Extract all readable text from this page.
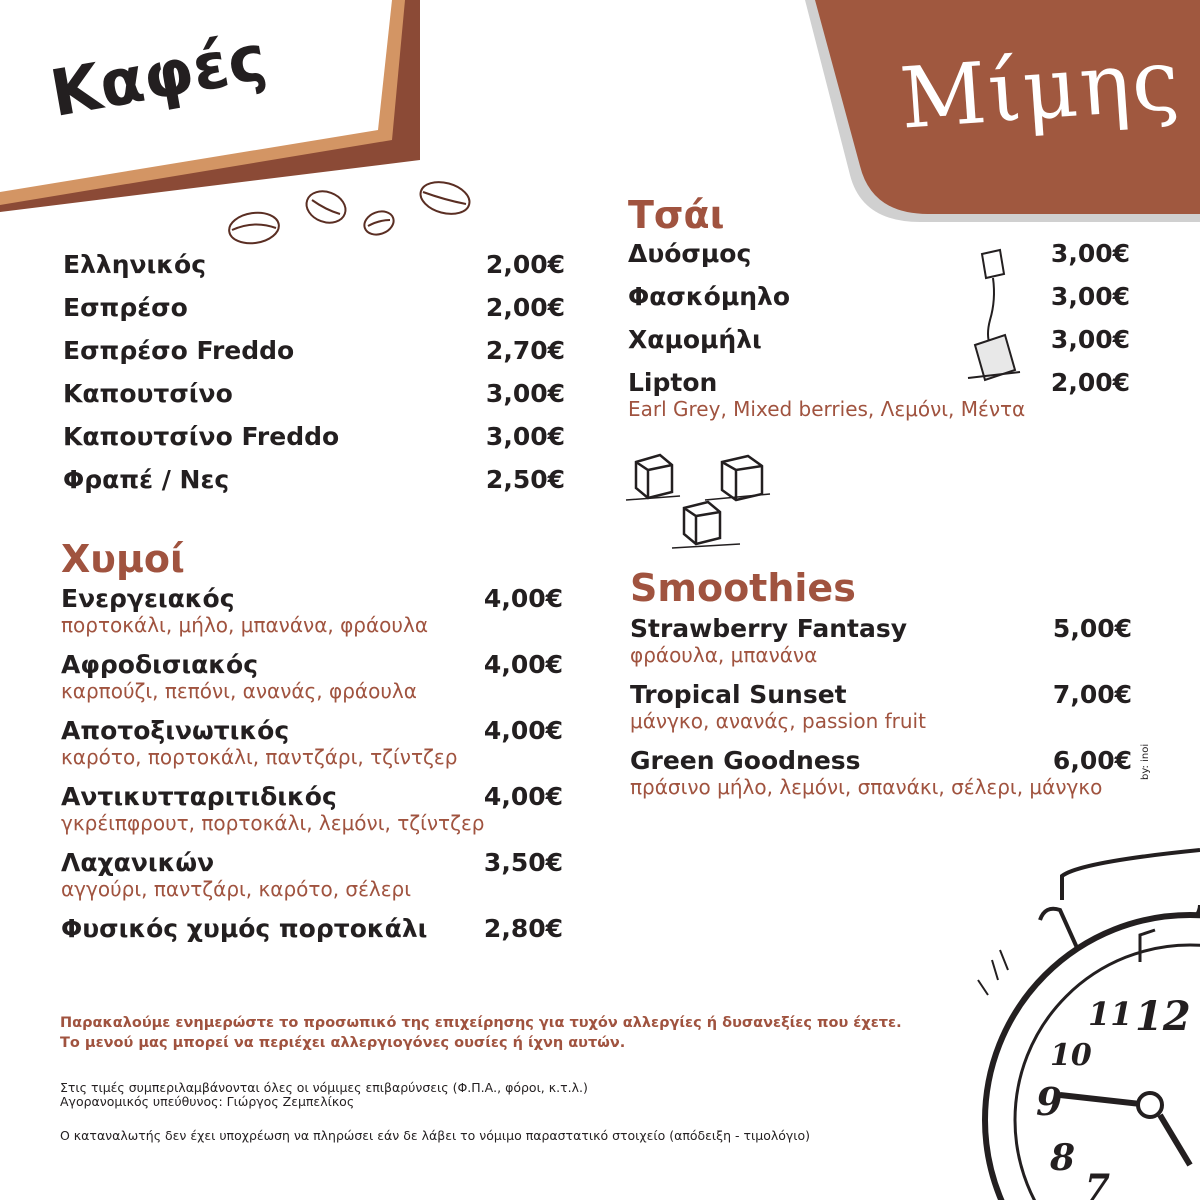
12
11
10
9
8
7
Καφές	Μίμης
Ελληνικός	2,00€
Εσπρέσο	2,00€
Εσπρέσο Freddo	2,70€
Καπουτσίνο	3,00€
Καπουτσίνο Freddo	3,00€
Φραπέ / Νες	2,50€
Χυμοί
Ενεργειακός	4,00€
πορτοκάλι, μήλο, μπανάνα, φράουλα
Αφροδισιακός	4,00€
καρπούζι, πεπόνι, ανανάς, φράουλα
Αποτοξινωτικός	4,00€
καρότο, πορτοκάλι, παντζάρι, τζίντζερ
Αντικυτταριτιδικός	4,00€
γκρέιπφρουτ, πορτοκάλι, λεμόνι, τζίντζερ
Λαχανικών	3,50€
αγγούρι, παντζάρι, καρότο, σέλερι
Φυσικός χυμός πορτοκάλι 2,80€
Τσάι
Δυόσμος	3,00€
Φασκόμηλο	3,00€
Χαμομήλι	3,00€
Lipton	2,00€
Earl Grey, Mixed berries, Λεμόνι, Μέντα
Smoothies
Strawberry Fantasy	5,00€
φράουλα, μπανάνα
Tropical Sunset	7,00€
μάνγκο, ανανάς, passion fruit
Green Goodness	6,00€
πράσινο μήλο, λεμόνι, σπανάκι, σέλερι, μάνγκο
by: inoi
Παρακαλούμε ενημερώστε το προσωπικό της επιχείρησης για τυχόν αλλεργίες ή δυσανεξίες που έχετε.
Το μενού μας μπορεί να περιέχει αλλεργιογόνες ουσίες ή ίχνη αυτών.
Στις τιμές συμπεριλαμβάνονται όλες οι νόμιμες επιβαρύνσεις (Φ.Π.Α., φόροι, κ.τ.λ.)
Αγορανομικός υπεύθυνος: Γιώργος Ζεμπελίκος
Ο καταναλωτής δεν έχει υποχρέωση να πληρώσει εάν δε λάβει το νόμιμο παραστατικό στοιχείο (απόδειξη - τιμολόγιο)
